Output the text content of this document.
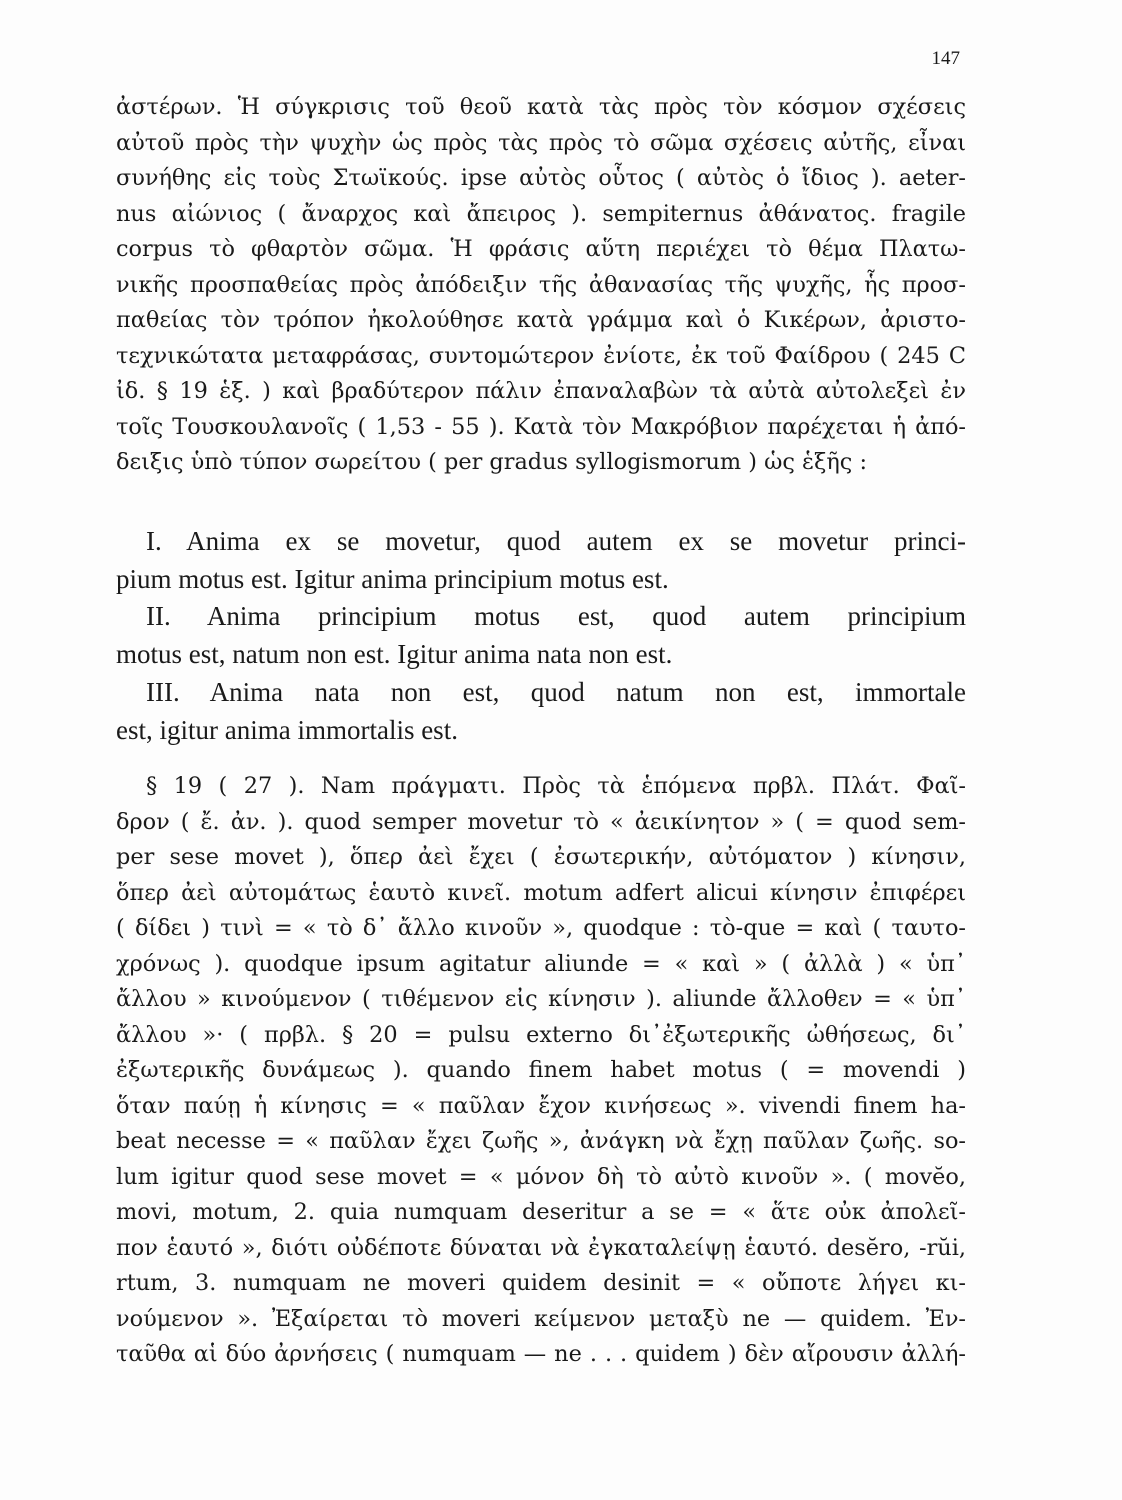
147
ἀστέρων. Ἡ σύγκρισις τοῦ θεοῦ κατὰ τὰς πρὸς τὸν κόσμον σχέσεις
αὐτοῦ πρὸς τὴν ψυχὴν ὡς πρὸς τὰς πρὸς τὸ σῶμα σχέσεις αὐτῆς, εἶναι
συνήθης εἰς τοὺς Στωϊκούς. ipse αὐτὸς οὗτος ( αὐτὸς ὁ ἴδιος ). aeter-
nus αἰώνιος ( ἄναρχος καὶ ἄπειρος ). sempiternus ἀθάνατος. fragile
corpus τὸ φθαρτὸν σῶμα. Ἡ φράσις αὕτη περιέχει τὸ θέμα Πλατω-
νικῆς προσπαθείας πρὸς ἀπόδειξιν τῆς ἀθανασίας τῆς ψυχῆς, ἧς προσ-
παθείας τὸν τρόπον ἠκολούθησε κατὰ γράμμα καὶ ὁ Κικέρων, ἀριστο-
τεχνικώτατα μεταφράσας, συντομώτερον ἐνίοτε, ἐκ τοῦ Φαίδρου ( 245 C
ἰδ. § 19 ἑξ. ) καὶ βραδύτερον πάλιν ἐπαναλαβὼν τὰ αὐτὰ αὐτολεξεὶ ἐν
τοῖς Τουσκουλανοῖς ( 1,53 - 55 ). Κατὰ τὸν Μακρόβιον παρέχεται ἡ ἀπό-
δειξις ὑπὸ τύπον σωρείτου ( per gradus syllogismorum ) ὡς ἑξῆς :
I. Anima ex se movetur, quod autem ex se movetur princi-
pium motus est. Igitur anima principium motus est.
II. Anima principium motus est, quod autem principium
motus est, natum non est. Igitur anima nata non est.
III. Anima nata non est, quod natum non est, immortale
est, igitur anima immortalis est.
§ 19 ( 27 ). Nam πράγματι. Πρὸς τὰ ἑπόμενα πρβλ. Πλάτ. Φαῖ-
δρον ( ἔ. ἀν. ). quod semper movetur τὸ « ἀεικίνητον » ( = quod sem-
per sese movet ), ὅπερ ἀεὶ ἔχει ( ἐσωτερικήν, αὐτόματον ) κίνησιν,
ὅπερ ἀεὶ αὐτομάτως ἑαυτὸ κινεῖ. motum adfert alicui κίνησιν ἐπιφέρει
( δίδει ) τινὶ = « τὸ δ᾽ ἄλλο κινοῦν », quodque : τὸ-que = καὶ ( ταυτο-
χρόνως ). quodque ipsum agitatur aliunde = « καὶ » ( ἀλλὰ ) « ὑπ᾽
ἄλλου » κινούμενον ( τιθέμενον εἰς κίνησιν ). aliunde ἄλλοθεν = « ὑπ᾽
ἄλλου »· ( πρβλ. § 20 = pulsu externo δι᾽ἐξωτερικῆς ὠθήσεως, δι᾽
ἐξωτερικῆς δυνάμεως ). quando finem habet motus ( = movendi )
ὅταν παύῃ ἡ κίνησις = « παῦλαν ἔχον κινήσεως ». vivendi finem ha-
beat necesse = « παῦλαν ἔχει ζωῆς », ἀνάγκη νὰ ἔχῃ παῦλαν ζωῆς. so-
lum igitur quod sese movet = « μόνον δὴ τὸ αὐτὸ κινοῦν ». ( movĕo,
movi, motum, 2. quia numquam deseritur a se = « ἅτε οὐκ ἀπολεῖ-
πον ἑαυτό », διότι οὐδέποτε δύναται νὰ ἐγκαταλείψῃ ἑαυτό. desĕro, -rŭi,
rtum, 3. numquam ne moveri quidem desinit = « οὔποτε λήγει κι-
νούμενον ». Ἐξαίρεται τὸ moveri κείμενον μεταξὺ ne — quidem. Ἐν-
ταῦθα αἱ δύο ἀρνήσεις ( numquam — ne . . . quidem ) δὲν αἴρουσιν ἀλλή-
